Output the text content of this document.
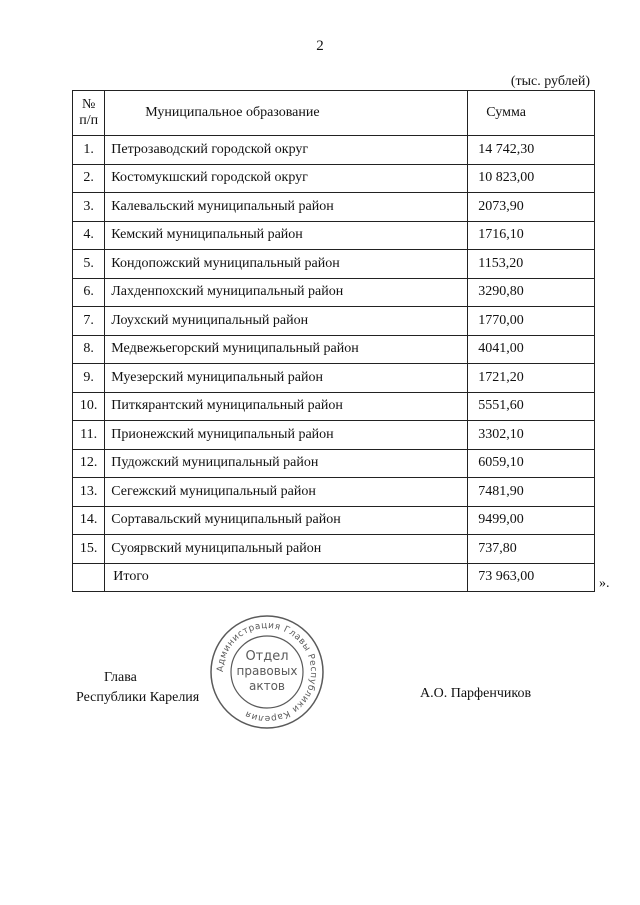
2
(тыс. рублей)
№
п/п	Муниципальное образование	Сумма
1.	Петрозаводский городской округ	14 742,30
2.	Костомукшский городской округ	10 823,00
3.	Калевальский муниципальный район	2073,90
4.	Кемский муниципальный район	1716,10
5.	Кондопожский муниципальный район	1153,20
6.	Лахденпохский муниципальный район	3290,80
7.	Лоухский муниципальный район	1770,00
8.	Медвежьегорский муниципальный район	4041,00
9.	Муезерский муниципальный район	1721,20
10.	Питкярантский муниципальный район	5551,60
11.	Прионежский муниципальный район	3302,10
12.	Пудожский муниципальный район	6059,10
13.	Сегежский муниципальный район	7481,90
14.	Сортавальский муниципальный район	9499,00
15.	Суоярвский муниципальный район	737,80
	Итого	73 963,00	».
Глава
Республики Карелия	А.О. Парфенчиков
Администрация Главы Республики Карелия
Отдел
правовых
актов
